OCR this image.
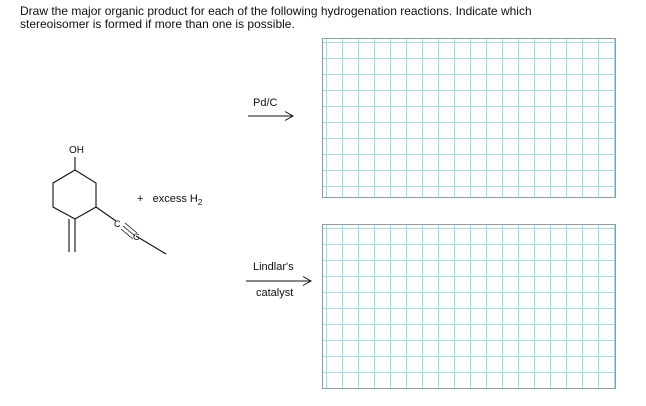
Draw the major organic product for each of the following hydrogenation reactions. Indicate which
stereoisomer is formed if more than one is possible.

Pd/C
Lindlar's
catalyst
OH
C
C
+ excess $H_2$
